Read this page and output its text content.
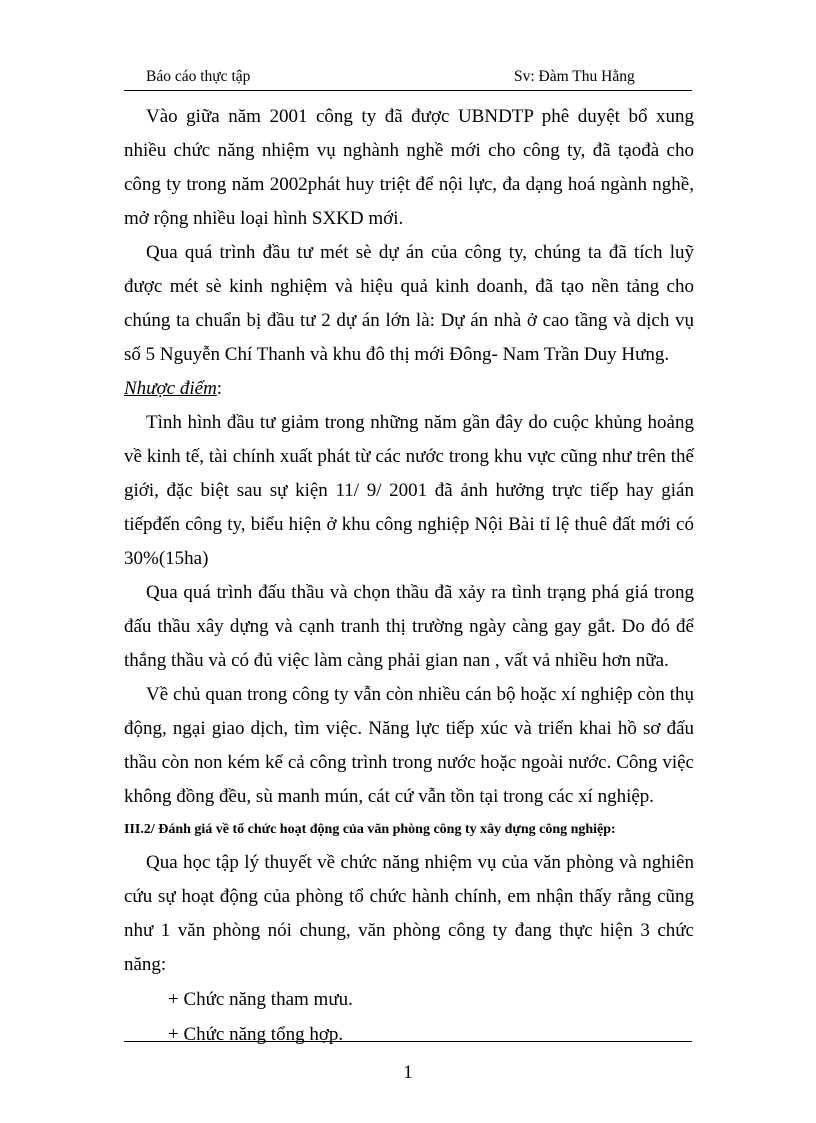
Báo cáo thực tập	Sv: Đàm Thu Hằng

Vào giữa năm 2001 công ty đã được UBNDTP phê duyệt bổ xung nhiều chức năng nhiệm vụ nghành nghề mới cho công ty, đã tạođà cho công ty trong năm 2002phát huy triệt để nội lực, đa dạng hoá ngành nghề, mở rộng nhiều loại hình SXKD mới.

Qua quá trình đầu tư mét sè dự án của công ty, chúng ta đã tích luỹ được mét sè kinh nghiệm và hiệu quả kinh doanh, đã tạo nền tảng cho chúng ta chuẩn bị đầu tư 2 dự án lớn là: Dự án nhà ở cao tầng và dịch vụ số 5 Nguyễn Chí Thanh và khu đô thị mới Đông- Nam Trần Duy Hưng.

Nhược điểm:

Tình hình đầu tư giảm trong những năm gần đây do cuộc khủng hoảng về kinh tế, tài chính xuất phát từ các nước trong khu vực cũng như trên thế giới, đặc biệt sau sự kiện 11/ 9/ 2001 đã ảnh hưởng trực tiếp hay gián tiếpđến công ty, biểu hiện ở khu công nghiệp Nội Bài tỉ lệ thuê đất mới có 30%(15ha)

Qua quá trình đấu thầu và chọn thầu đã xảy ra tình trạng phá giá trong đấu thầu xây dựng và cạnh tranh thị trường ngày càng gay gắt. Do đó để thắng thầu và có đủ việc làm càng phải gian nan , vất vả nhiều hơn nữa.

Về chủ quan trong công ty vẫn còn nhiều cán bộ hoặc xí nghiệp còn thụ động, ngại giao dịch, tìm việc. Năng lực tiếp xúc và triển khai hồ sơ đấu thầu còn non kém kể cả công trình trong nước hoặc ngoài nước. Công việc không đồng đều, sù manh mún, cát cứ vẫn tồn tại trong các xí nghiệp.

III.2/ Đánh giá về tổ chức hoạt động của văn phòng công ty xây dựng công nghiệp:

Qua học tập lý thuyết về chức năng nhiệm vụ của văn phòng và nghiên cứu sự hoạt động của phòng tổ chức hành chính, em nhận thấy rằng cũng như 1 văn phòng nói chung, văn phòng công ty đang thực hiện 3 chức năng:

+ Chức năng tham mưu.

+ Chức năng tổng hợp.

1
